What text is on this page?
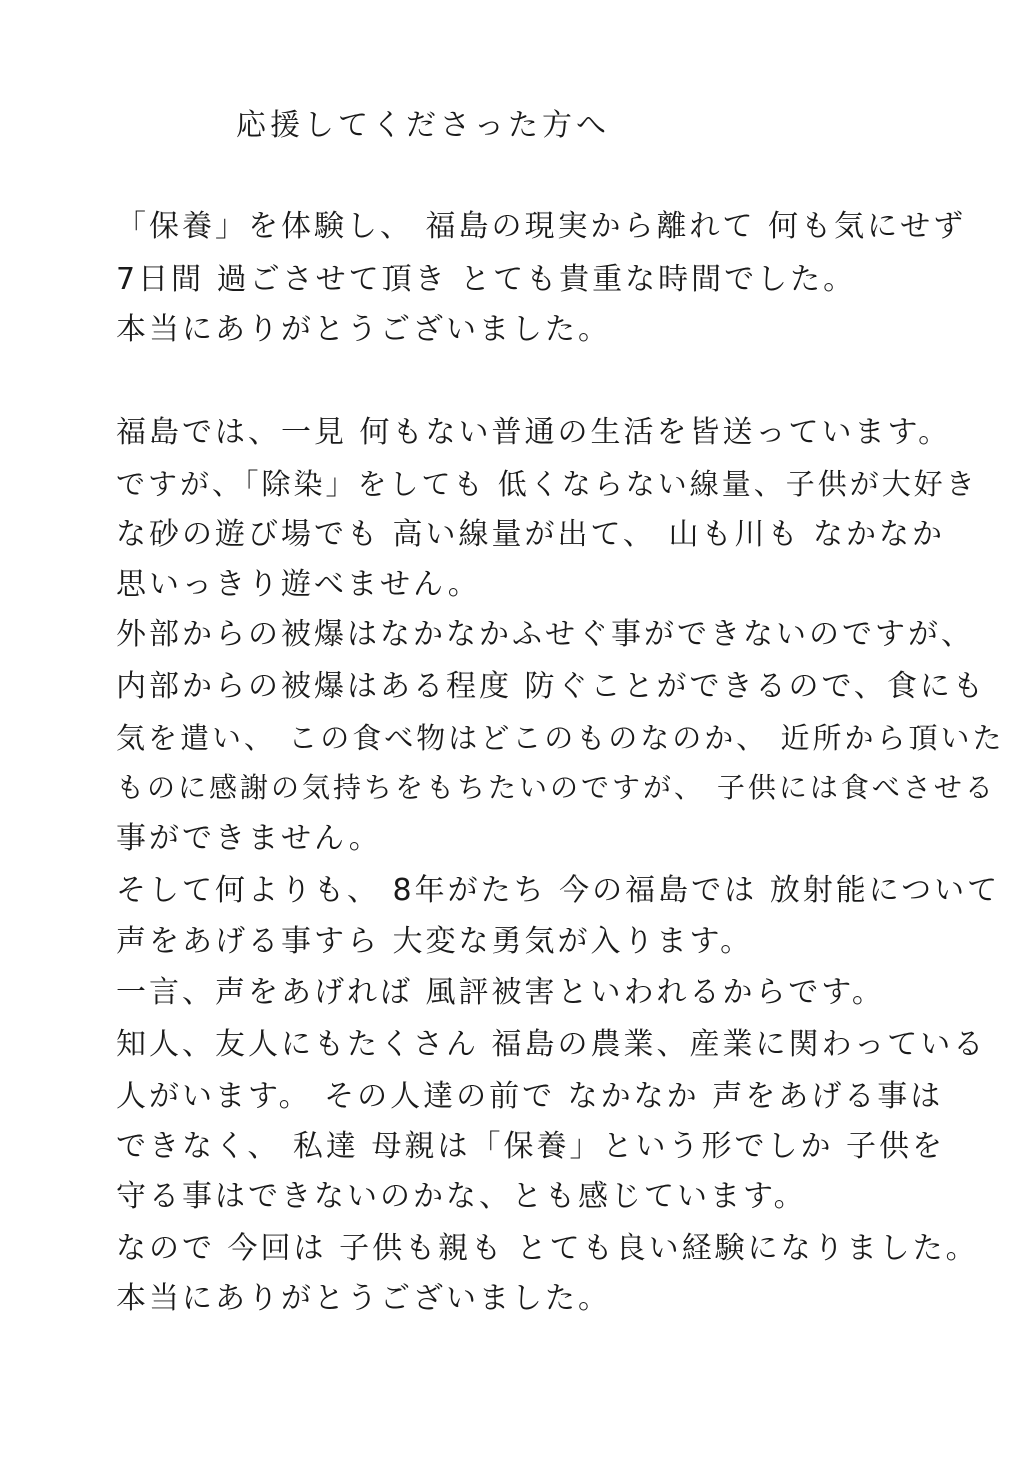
応援してくださった方へ
「保養」を体験し、 福島の現実から離れて 何も気にせず
7日間 過ごさせて頂き とても貴重な時間でした。
本当にありがとうございました。
福島では、一見 何もない普通の生活を皆送っています。
ですが、「除染」をしても 低くならない線量、子供が大好き
な砂の遊び場でも 高い線量が出て、 山も川も なかなか
思いっきり遊べません。
外部からの被爆はなかなかふせぐ事ができないのですが、
内部からの被爆はある程度 防ぐことができるので、食にも
気を遣い、 この食べ物はどこのものなのか、 近所から頂いた
ものに感謝の気持ちをもちたいのですが、 子供には食べさせる
事ができません。
そして何よりも、 8年がたち 今の福島では 放射能について
声をあげる事すら 大変な勇気が入ります。
一言、声をあげれば 風評被害といわれるからです。
知人、友人にもたくさん 福島の農業、産業に関わっている
人がいます。 その人達の前で なかなか 声をあげる事は
できなく、 私達 母親は「保養」という形でしか 子供を
守る事はできないのかな、とも感じています。
なので 今回は 子供も親も とても良い経験になりました。
本当にありがとうございました。
